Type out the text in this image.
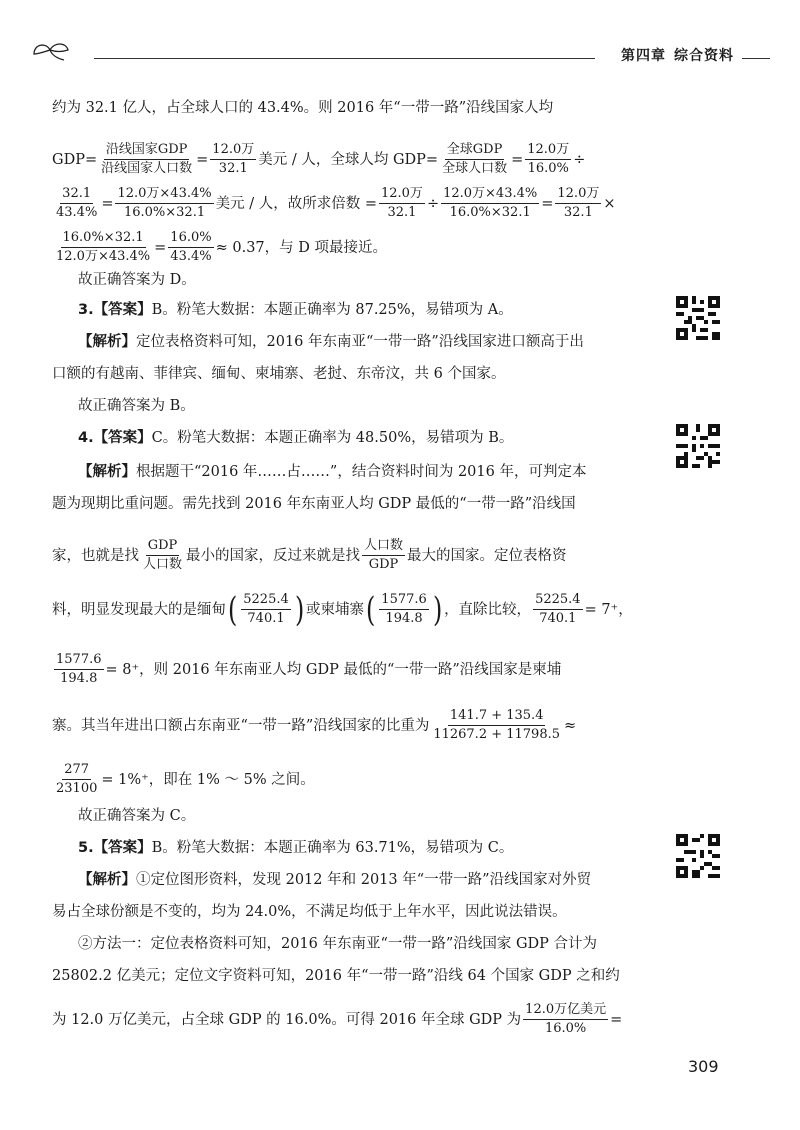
第四章 综合资料
约为 32.1 亿人，占全球人口的 43.4%。则 2016 年“一带一路”沿线国家人均
$GDP= \frac{\text{沿线国家GDP}}{\text{沿线国家人口数}} = \frac{\text{12.0万}}{32.1}$ 美元 / 人，全球人均 $GDP= \frac{\text{全球GDP}}{\text{全球人口数}} = \frac{\text{12.0万}}{16.0\%}$ ÷
$\frac{32.1}{43.4\%} = \frac{\text{12.0万×43.4\%}}{16.0\%\times 32.1}$ 美元 / 人，故所求倍数 = $\frac{\text{12.0万}}{32.1} \div \frac{\text{12.0万×43.4\%}}{16.0\%\times 32.1} = \frac{\text{12.0万}}{32.1}$ ×
$\frac{16.0\%\times 32.1}{\text{12.0万×43.4\%}} = \frac{16.0\%}{43.4\%} \approx 0.37$，与 D 项最接近。
故正确答案为 D。
3.【答案】 B。粉笔大数据：本题正确率为 87.25%，易错项为 A。
【解析】 定位表格资料可知，2016 年东南亚“一带一路”沿线国家进口额高于出
口额的有越南、菲律宾、缅甸、柬埔寨、老挝、东帝汶，共 6 个国家。
故正确答案为 B。
4.【答案】 C。粉笔大数据：本题正确率为 48.50%，易错项为 B。
【解析】 根据题干“2016 年……占……”，结合资料时间为 2016 年，可判定本
题为现期比重问题。需先找到 2016 年东南亚人均 GDP 最低的“一带一路”沿线国
家，也就是找 $\frac{\text{GDP}}{\text{人口数}}$ 最小的国家，反过来就是找 $\frac{\text{人口数}}{\text{GDP}}$ 最大的国家。定位表格资
料，明显发现最大的是缅甸 ( $\frac{5225.4}{740.1}$ ) 或柬埔寨 ( $\frac{1577.6}{194.8}$ ) ，直除比较， $\frac{5225.4}{740.1} = 7^+$，
$\frac{1577.6}{194.8} = 8^+$，则 2016 年东南亚人均 GDP 最低的“一带一路”沿线国家是柬埔
寨。其当年进出口额占东南亚“一带一路”沿线国家的比重为 $\frac{141.7 + 135.4}{11267.2 + 11798.5}$ ≈
$\frac{277}{23100} = 1\%^+$，即在 1% ～ 5% 之间。
故正确答案为 C。
5.【答案】 B。粉笔大数据：本题正确率为 63.71%，易错项为 C。
【解析】 ①定位图形资料，发现 2012 年和 2013 年“一带一路”沿线国家对外贸
易占全球份额是不变的，均为 24.0%，不满足均低于上年水平，因此说法错误。
②方法一：定位表格资料可知，2016 年东南亚“一带一路”沿线国家 GDP 合计为
25802.2 亿美元；定位文字资料可知，2016 年“一带一路”沿线 64 个国家 GDP 之和约
为 12.0 万亿美元，占全球 GDP 的 16.0%。可得 2016 年全球 GDP 为 $\frac{\text{12.0万亿美元}}{16.0\%}$ =
309
